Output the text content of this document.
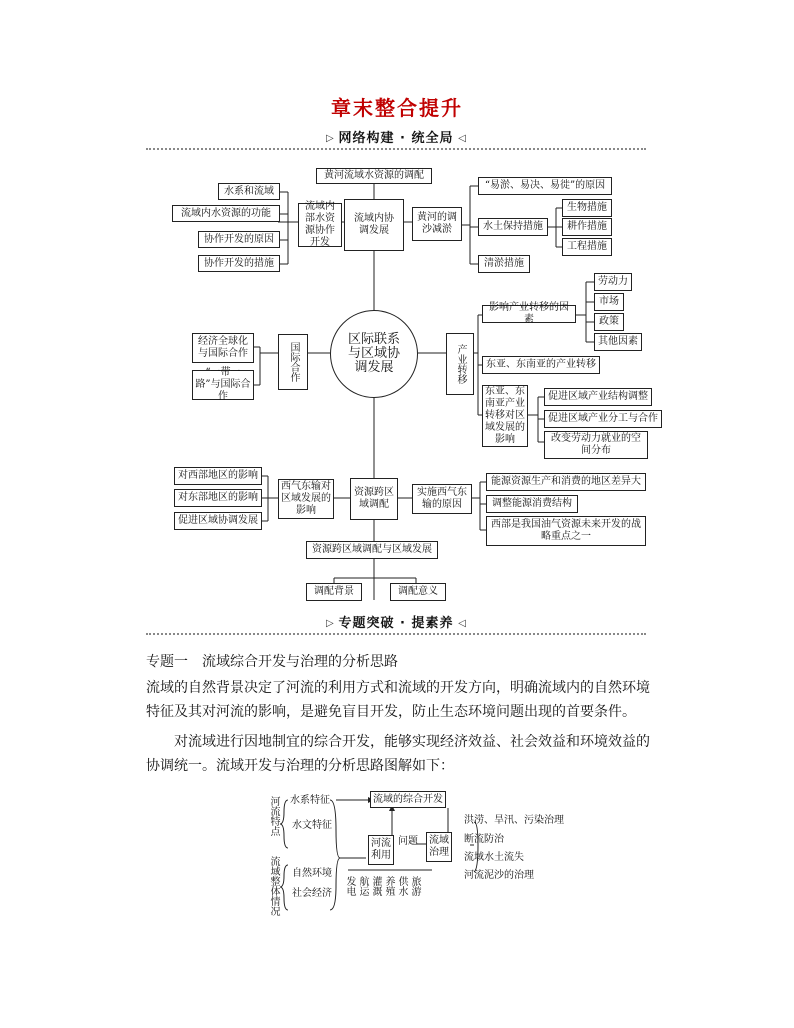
章末整合提升
▷ 网络构建 · 统全局 ◁
黄河流域水资源的调配
流域内协调发展
流域内部水资源协作开发
水系和流域
流域内水资源的功能
协作开发的原因
协作开发的措施
黄河的调沙减淤
“易淤、易决、易徙”的原因
水土保持措施
生物措施
耕作措施
工程措施
清淤措施
区际联系与区域协调发展	产业转移
影响产业转移的因素
劳动力
市场
政策
其他因素
东亚、东南亚的产业转移
东亚、东南亚产业转移对区域发展的影响
促进区域产业结构调整
促进区域产业分工与合作
改变劳动力就业的空间分布
国际合作
经济全球化与国际合作
“一带一路”与国际合作
资源跨区域调配
西气东输对区域发展的影响
对西部地区的影响
对东部地区的影响
促进区域协调发展
实施西气东输的原因
能源资源生产和消费的地区差异大
调整能源消费结构
西部是我国油气资源未来开发的战略重点之一
资源跨区域调配与区域发展
调配背景	调配意义
▷ 专题突破 · 提素养 ◁
专题一　流域综合开发与治理的分析思路
流域的自然背景决定了河流的利用方式和流域的开发方向，明确流域内的自然环境特征及其对河流的影响，是避免盲目开发，防止生态环境问题出现的首要条件。
对流域进行因地制宜的综合开发，能够实现经济效益、社会效益和环境效益的协调统一。流域开发与治理的分析思路图解如下：
河流特点 水系特征
水文特征
流域整体情况 自然环境
社会经济
流域的综合开发
河流利用
问题	流域治理
发电 航运 灌溉 养殖 供水 旅游
洪涝、旱汛、污染治理
断流防治
流域水土流失
河流泥沙的治理
